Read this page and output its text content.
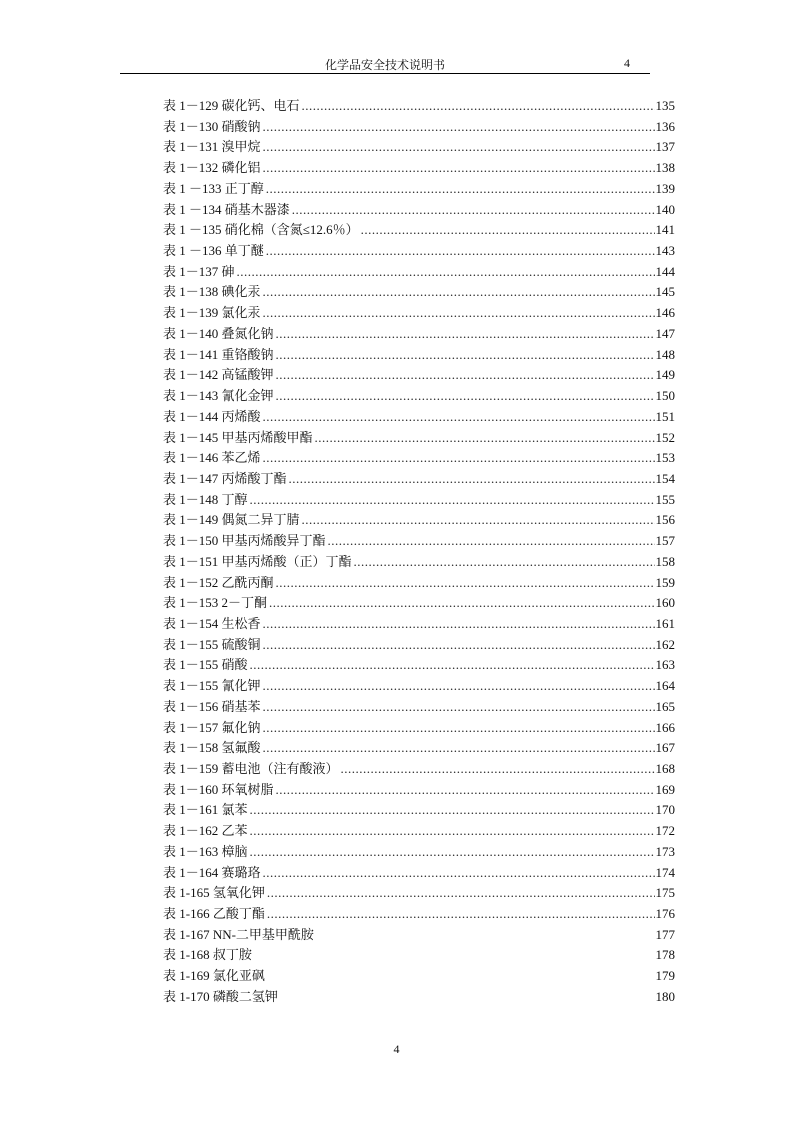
化学品安全技术说明书	4
表 1－129 碳化钙、电石 .....	135
表 1－130 硝酸钠 .....	136
表 1－131 溴甲烷 .....	137
表 1－132 磷化铝 .....	138
表 1 －133 正丁醇 .....	139
表 1 －134 硝基木器漆 .....	140
表 1 －135 硝化棉（含氮≤12.6％） .....	141
表 1 －136 单丁醚 .....	143
表 1－137 砷 .....	144
表 1－138 碘化汞 .....	145
表 1－139 氯化汞 .....	146
表 1－140 叠氮化钠 .....	147
表 1－141 重铬酸钠 .....	148
表 1－142 高锰酸钾 .....	149
表 1－143 氰化金钾 .....	150
表 1－144 丙烯酸 .....	151
表 1－145 甲基丙烯酸甲酯 .....	152
表 1－146 苯乙烯 .....	153
表 1－147 丙烯酸丁酯 .....	154
表 1－148 丁醇 .....	155
表 1－149 偶氮二异丁腈 .....	156
表 1－150 甲基丙烯酸异丁酯 .....	157
表 1－151 甲基丙烯酸（正）丁酯 .....	158
表 1－152 乙酰丙酮 .....	159
表 1－153 2－丁酮 .....	160
表 1－154 生松香 .....	161
表 1－155 硫酸铜 .....	162
表 1－155 硝酸 .....	163
表 1－155 氰化钾 .....	164
表 1－156 硝基苯 .....	165
表 1－157 氟化钠 .....	166
表 1－158 氢氟酸 .....	167
表 1－159 蓄电池（注有酸液） .....	168
表 1－160 环氧树脂 .....	169
表 1－161 氯苯 .....	170
表 1－162 乙苯 .....	172
表 1－163 樟脑 .....	173
表 1－164 赛璐珞 .....	174
表 1-165 氢氧化钾 .....	175
表 1-166 乙酸丁酯 .....	176
表 1-167 NN-二甲基甲酰胺	177
表 1-168 叔丁胺	178
表 1-169 氯化亚砜	179
表 1-170 磷酸二氢钾	180
4
